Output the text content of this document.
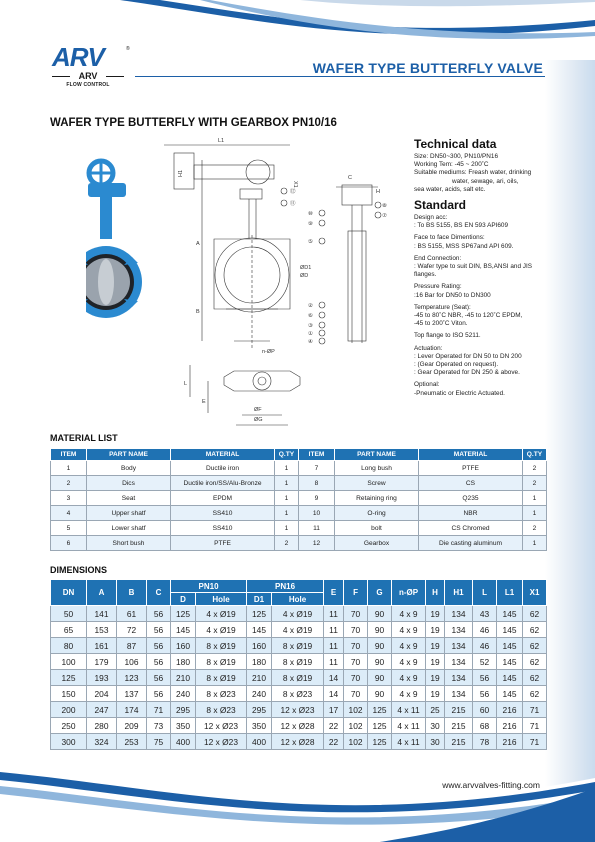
ARV	®
ARV
FLOW CONTROL
WAFER TYPE BUTTERFLY VALVE
WAFER TYPE BUTTERFLY WITH GEARBOX PN10/16
L1
A
B
H1
X1
ØD1
ØD
⑫
⑪
C
H
⑩
⑨
⑤
②
⑥
③
①
④
⑧
⑦
n-ØP
L
E
ØF
ØG
Technical data
Size: DN50~300, PN10/PN16
Working Tem: -45 ~ 200˚C
Suitable mediums: Freash water, drinking
water, sewage, ari, oils,
sea water, acids, salt etc.
Standard
Design acc:
: To BS 5155, BS EN 593 API609
Face to face Dimentions:
: BS 5155, MSS SP67and API 609.
End Connection:
: Wafer type to suit DIN, BS,ANSI and JIS
flanges.
Pressure Rating:
:16 Bar for DN50 to DN300
Temperature (Seat):
-45 to 80˚C NBR, -45 to 120˚C EPDM,
-45 to 200˚C Viton.
Top flange to ISO 5211.
Actuation:
: Lever Operated for DN 50 to DN 200
: (Gear Operated on request).
: Gear Operated for DN 250 & above.
Optional:
-Pneumatic or Electric Actuated.
MATERIAL LIST
ITEM	PART NAME	MATERIAL	Q.TY	ITEM	PART NAME	MATERIAL	Q.TY
1	Body	Ductile iron	1	7	Long bush	PTFE	2
2	Dics	Ductile iron/SS/Alu-Bronze	1	8	Screw	CS	2
3	Seat	EPDM	1	9	Retaining ring	Q235	1
4	Upper shatf	SS410	1	10	O-ring	NBR	1
5	Lower shatf	SS410	1	11	bolt	CS Chromed	2
6	Short bush	PTFE	2	12	Gearbox	Die casting aluminum	1
DIMENSIONS
DN	A	B	C	PN10		PN16		E	F	G	n-ØP	H	H1	L	L1	X1
				D	Hole	D1	Hole									
50	141	61	56	125	4 x Ø19	125	4 x Ø19	11	70	90	4 x 9	19	134	43	145	62
65	153	72	56	145	4 x Ø19	145	4 x Ø19	11	70	90	4 x 9	19	134	46	145	62
80	161	87	56	160	8 x Ø19	160	8 x Ø19	11	70	90	4 x 9	19	134	46	145	62
100	179	106	56	180	8 x Ø19	180	8 x Ø19	11	70	90	4 x 9	19	134	52	145	62
125	193	123	56	210	8 x Ø19	210	8 x Ø19	14	70	90	4 x 9	19	134	56	145	62
150	204	137	56	240	8 x Ø23	240	8 x Ø23	14	70	90	4 x 9	19	134	56	145	62
200	247	174	71	295	8 x Ø23	295	12 x Ø23	17	102	125	4 x 11	25	215	60	216	71
250	280	209	73	350	12 x Ø23	350	12 x Ø28	22	102	125	4 x 11	30	215	68	216	71
300	324	253	75	400	12 x Ø23	400	12 x Ø28	22	102	125	4 x 11	30	215	78	216	71
www.arvvalves-fitting.com
